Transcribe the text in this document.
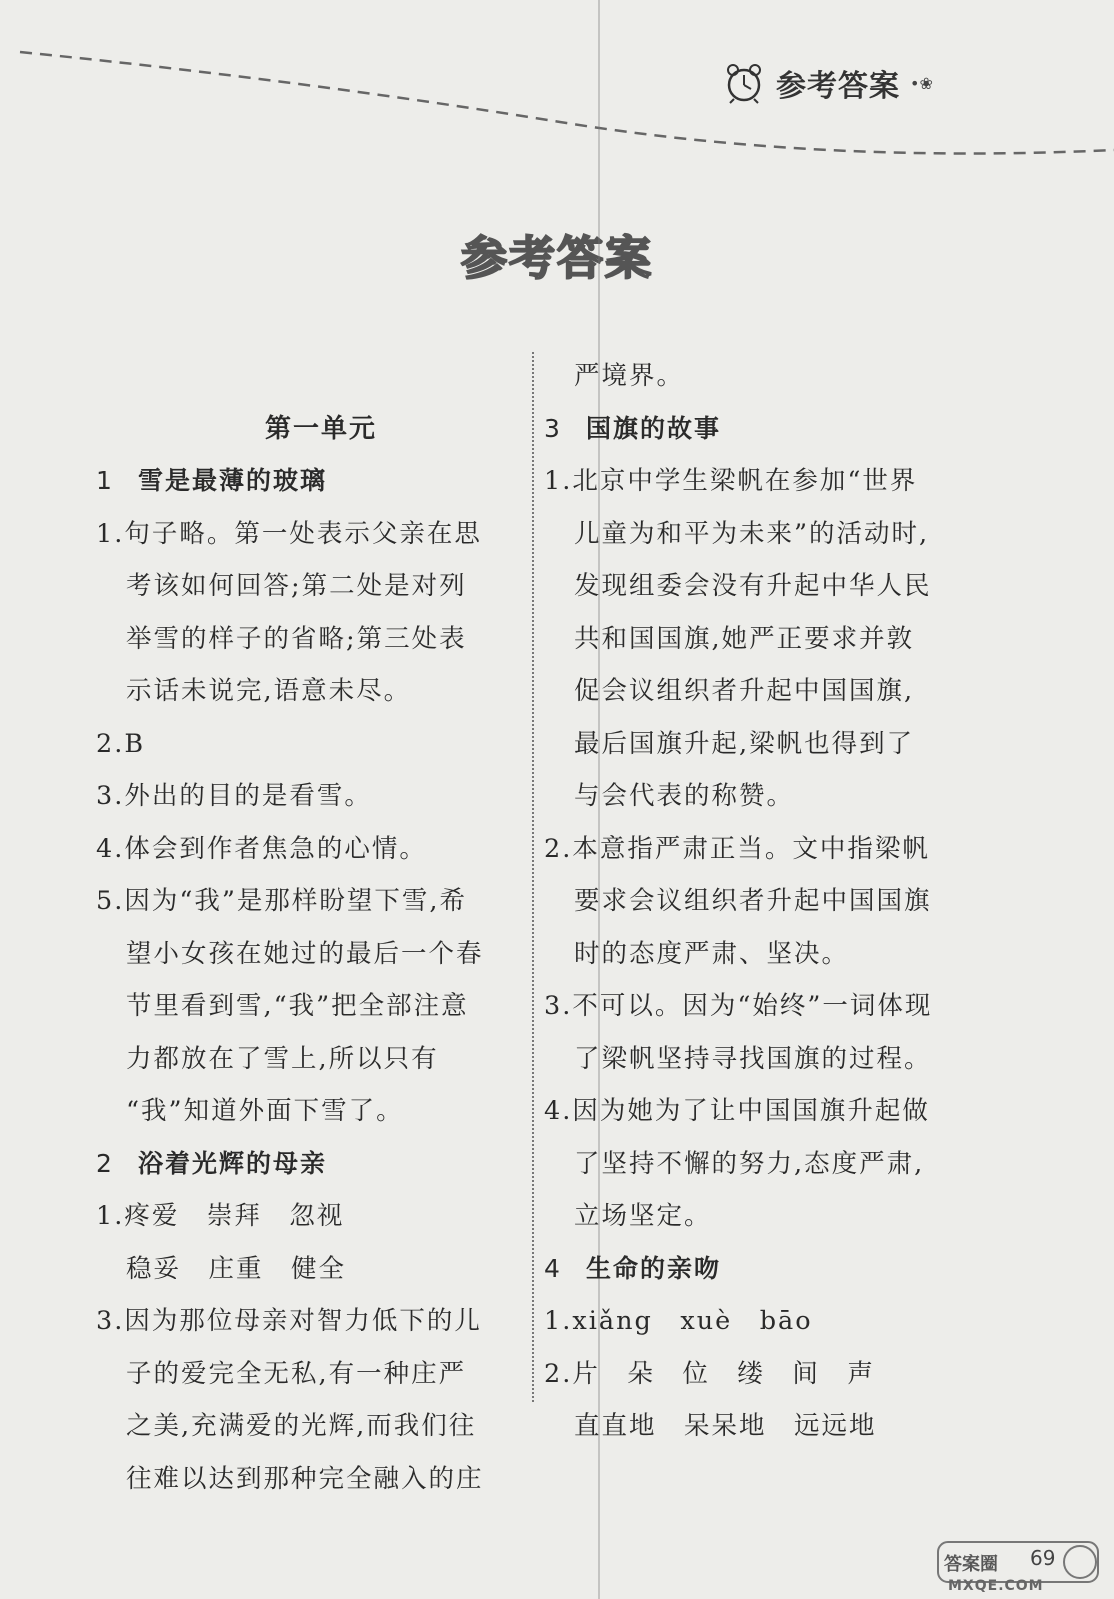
参考答案 •❀
参考答案
第一单元
1 雪是最薄的玻璃
1.句子略。第一处表示父亲在思
考该如何回答;第二处是对列
举雪的样子的省略;第三处表
示话未说完,语意未尽。
2.B
3.外出的目的是看雪。
4.体会到作者焦急的心情。
5.因为“我”是那样盼望下雪,希
望小女孩在她过的最后一个春
节里看到雪,“我”把全部注意
力都放在了雪上,所以只有
“我”知道外面下雪了。
2 浴着光辉的母亲
1.疼爱　崇拜　忽视
稳妥　庄重　健全
3.因为那位母亲对智力低下的儿
子的爱完全无私,有一种庄严
之美,充满爱的光辉,而我们往
往难以达到那种完全融入的庄
严境界。
3 国旗的故事
1.北京中学生梁帆在参加“世界
儿童为和平为未来”的活动时,
发现组委会没有升起中华人民
共和国国旗,她严正要求并敦
促会议组织者升起中国国旗,
最后国旗升起,梁帆也得到了
与会代表的称赞。
2.本意指严肃正当。文中指梁帆
要求会议组织者升起中国国旗
时的态度严肃、坚决。
3.不可以。因为“始终”一词体现
了梁帆坚持寻找国旗的过程。
4.因为她为了让中国国旗升起做
了坚持不懈的努力,态度严肃,
立场坚定。
4 生命的亲吻
1.xiǎng　xuè　bāo
2.片　朵　位　缕　间　声
直直地　呆呆地　远远地
69
答案圈
MXQE.COM
